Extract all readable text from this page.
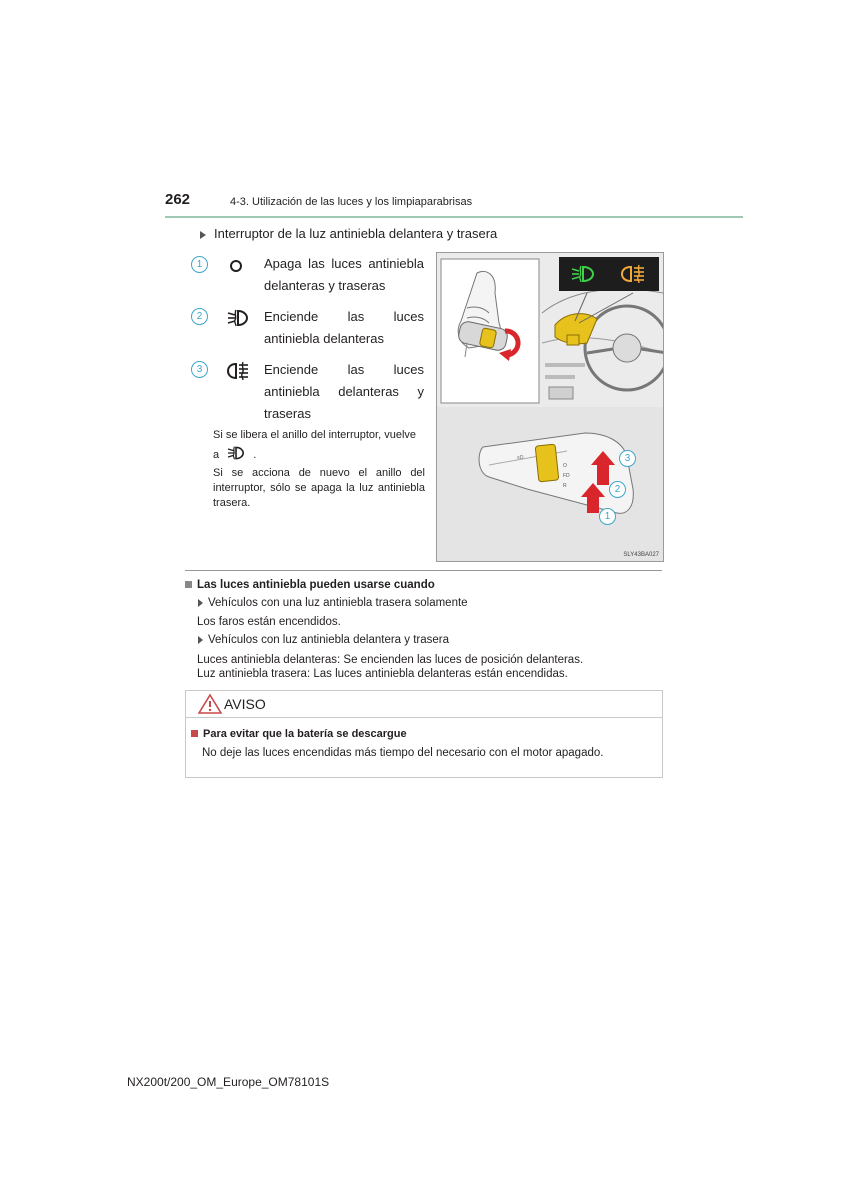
262	4-3. Utilización de las luces y los limpiaparabrisas
Interruptor de la luz antiniebla delantera y trasera
1	Apaga las luces antiniebla
delanteras y traseras
2	Enciende las luces
antiniebla delanteras
3	Enciende las luces
antiniebla delanteras y
traseras
Si se libera el anillo del interruptor, vuelve
a	.
Si se acciona de nuevo el anillo del interruptor, sólo se apaga la luz antiniebla trasera.
O
FD
R
≡D	3
2
1
SLY43BA027
Las luces antiniebla pueden usarse cuando
Vehículos con una luz antiniebla trasera solamente
Los faros están encendidos.
Vehículos con luz antiniebla delantera y trasera
Luces antiniebla delanteras: Se encienden las luces de posición delanteras.
Luz antiniebla trasera: Las luces antiniebla delanteras están encendidas.
AVISO
Para evitar que la batería se descargue
No deje las luces encendidas más tiempo del necesario con el motor apagado.
NX200t/200_OM_Europe_OM78101S
